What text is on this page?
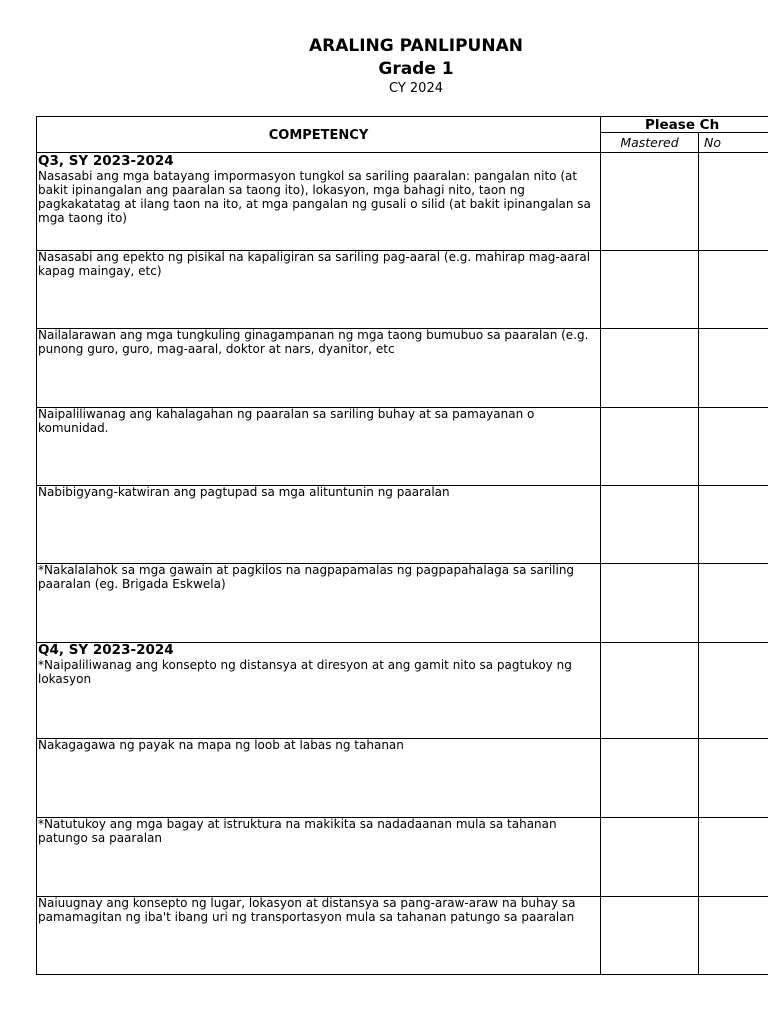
ARALING PANLIPUNAN
Grade 1
CY 2024
COMPETENCY
Please Ch
Mastered	No
Q3, SY 2023-2024
Nasasabi ang mga batayang impormasyon tungkol sa sariling paaralan: pangalan nito (at bakit ipinangalan ang paaralan sa taong ito), lokasyon, mga bahagi nito, taon ng pagkakatatag at ilang taon na ito, at mga pangalan ng gusali o silid (at bakit ipinangalan sa mga taong ito)
Nasasabi ang epekto ng pisikal na kapaligiran sa sariling pag-aaral (e.g. mahirap mag-aaral kapag maingay, etc)
Nailalarawan ang mga tungkuling ginagampanan ng mga taong bumubuo sa paaralan (e.g. punong guro, guro, mag-aaral, doktor at nars, dyanitor, etc
Naipaliliwanag ang kahalagahan ng paaralan sa sariling buhay at sa pamayanan o komunidad.
Nabibigyang-katwiran ang pagtupad sa mga alituntunin ng paaralan
*Nakalalahok sa mga gawain at pagkilos na nagpapamalas ng pagpapahalaga sa sariling paaralan (eg. Brigada Eskwela)
Q4, SY 2023-2024
*Naipaliliwanag ang konsepto ng distansya at diresyon at ang gamit nito sa pagtukoy ng lokasyon
Nakagagawa ng payak na mapa ng loob at labas ng tahanan
*Natutukoy ang mga bagay at istruktura na makikita sa nadadaanan mula sa tahanan patungo sa paaralan
Naiuugnay ang konsepto ng lugar, lokasyon at distansya sa pang-araw-araw na buhay sa pamamagitan ng iba't ibang uri ng transportasyon mula sa tahanan patungo sa paaralan
